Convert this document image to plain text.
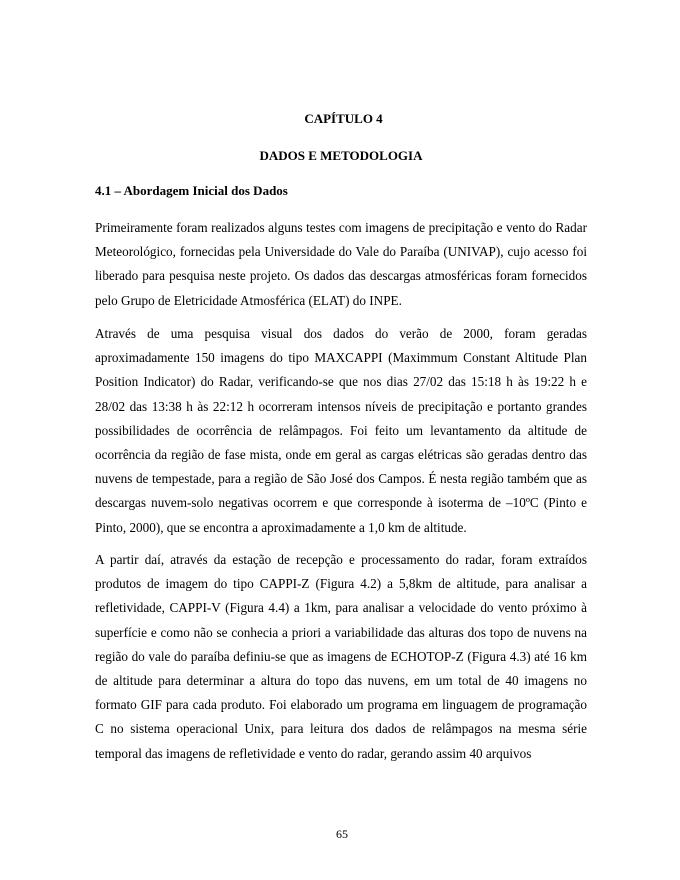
CAPÍTULO 4
DADOS E METODOLOGIA
4.1 – Abordagem Inicial dos Dados

Primeiramente foram realizados alguns testes com imagens de precipitação e vento do Radar Meteorológico, fornecidas pela Universidade do Vale do Paraíba (UNIVAP), cujo acesso foi liberado para pesquisa neste projeto. Os dados das descargas atmosféricas foram fornecidos pelo Grupo de Eletricidade Atmosférica (ELAT) do INPE.

Através de uma pesquisa visual dos dados do verão de 2000, foram geradas aproximadamente 150 imagens do tipo MAXCAPPI (Maximmum Constant Altitude Plan Position Indicator) do Radar, verificando-se que nos dias 27/02 das 15:18 h às 19:22 h e 28/02 das 13:38 h às 22:12 h ocorreram intensos níveis de precipitação e portanto grandes possibilidades de ocorrência de relâmpagos. Foi feito um levantamento da altitude de ocorrência da região de fase mista, onde em geral as cargas elétricas são geradas dentro das nuvens de tempestade, para a região de São José dos Campos. É nesta região também que as descargas nuvem-solo negativas ocorrem e que corresponde à isoterma de –10ºC (Pinto e Pinto, 2000), que se encontra a aproximadamente a 1,0 km de altitude.

A partir daí, através da estação de recepção e processamento do radar, foram extraídos produtos de imagem do tipo CAPPI-Z (Figura 4.2) a 5,8km de altitude, para analisar a refletividade, CAPPI-V (Figura 4.4) a 1km, para analisar a velocidade do vento próximo à superfície e como não se conhecia a priori a variabilidade das alturas dos topo de nuvens na região do vale do paraíba definiu-se que as imagens de ECHOTOP-Z (Figura 4.3) até 16 km de altitude para determinar a altura do topo das nuvens, em um total de 40 imagens no formato GIF para cada produto. Foi elaborado um programa em linguagem de programação C no sistema operacional Unix, para leitura dos dados de relâmpagos na mesma série temporal das imagens de refletividade e vento do radar, gerando assim 40 arquivos

65
